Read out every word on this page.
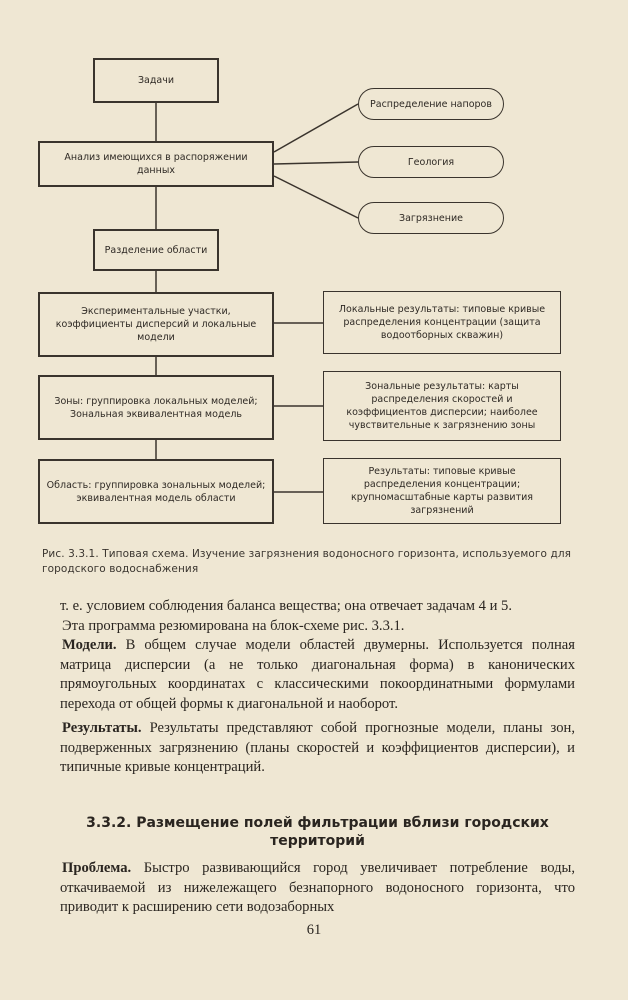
Задачи
Анализ имеющихся в распоряжении данных
Распределение напоров
Геология
Загрязнение
Разделение области
Экспериментальные участки, коэффициенты дисперсий и локальные модели
Локальные результаты: типовые кривые распределения концентрации (защита водоотборных скважин)
Зоны: группировка локальных моделей; Зональная эквивалентная модель
Зональные результаты: карты распределения скоростей и коэффициентов дисперсии; наиболее чувствительные к загрязнению зоны
Область: группировка зональных моделей; эквивалентная модель области
Результаты: типовые кривые распределения концентрации; крупномасштабные карты развития загрязнений
Рис. 3.3.1. Типовая схема. Изучение загрязнения водоносного горизонта, используемого для городского водоснабжения

т. е. условием соблюдения баланса вещества; она отвечает задачам 4 и 5.

Эта программа резюмирована на блок-схеме рис. 3.3.1.

Модели. В общем случае модели областей двумерны. Используется полная матрица дисперсии (а не только диагональная форма) в канонических прямоугольных координатах с классическими покоординатными формулами перехода от общей формы к диагональной и наоборот.

Результаты. Результаты представляют собой прогнозные модели, планы зон, подверженных загрязнению (планы скоростей и коэффициентов дисперсии), и типичные кривые концентраций.

3.3.2. Размещение полей фильтрации вблизи городских территорий

Проблема. Быстро развивающийся город увеличивает потребление воды, откачиваемой из нижележащего безнапорного водоносного горизонта, что приводит к расширению сети водозаборных

61
